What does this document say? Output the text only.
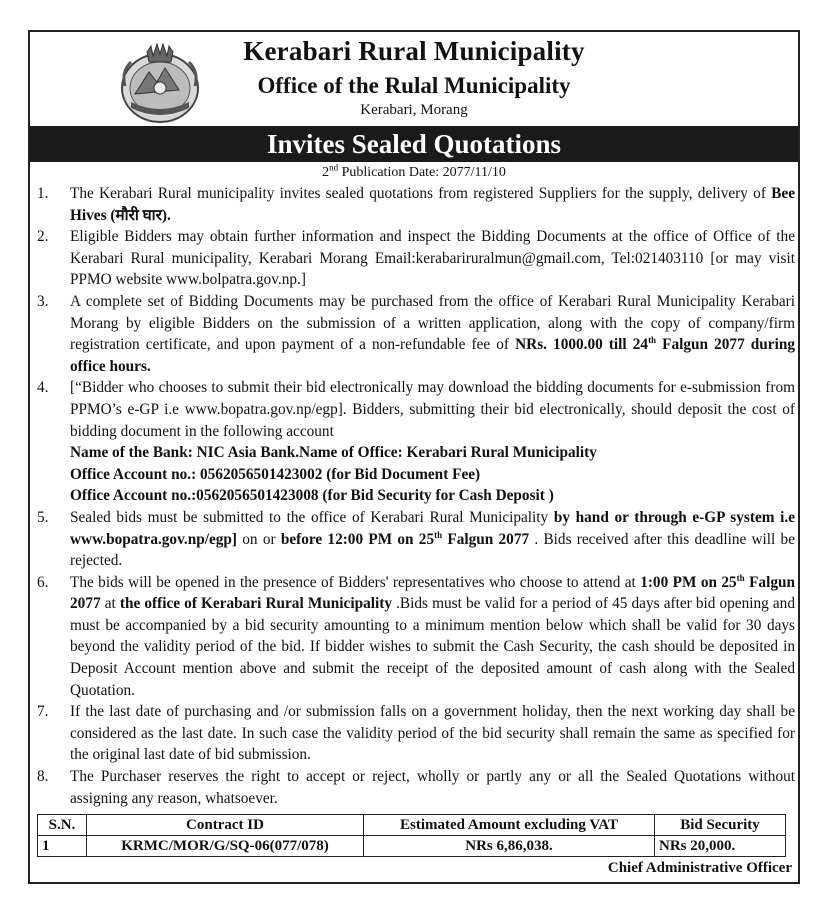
Kerabari Rural Municipality
Office of the Rulal Municipality
Kerabari, Morang
Invites Sealed Quotations
2nd Publication Date: 2077/11/10
1. The Kerabari Rural municipality invites sealed quotations from registered Suppliers for the supply, delivery of Bee Hives (मौरी घार).
2. Eligible Bidders may obtain further information and inspect the Bidding Documents at the office of Office of the Kerabari Rural municipality, Kerabari Morang Email:kerabariruralmun@gmail.com, Tel:021403110 [or may visit PPMO website www.bolpatra.gov.np.]
3. A complete set of Bidding Documents may be purchased from the office of Kerabari Rural Municipality Kerabari Morang by eligible Bidders on the submission of a written application, along with the copy of company/firm registration certificate, and upon payment of a non-refundable fee of NRs. 1000.00 till 24th Falgun 2077 during office hours.
4. [“Bidder who chooses to submit their bid electronically may download the bidding documents for e-submission from PPMO’s e-GP i.e www.bopatra.gov.np/egp]. Bidders, submitting their bid electronically, should deposit the cost of bidding document in the following account
Name of the Bank: NIC Asia Bank.Name of Office: Kerabari Rural Municipality
Office Account no.: 0562056501423002 (for Bid Document Fee)
Office Account no.:0562056501423008 (for Bid Security for Cash Deposit )
5. Sealed bids must be submitted to the office of Kerabari Rural Municipality by hand or through e-GP system i.e www.bopatra.gov.np/egp] on or before 12:00 PM on 25th Falgun 2077 . Bids received after this deadline will be rejected.
6. The bids will be opened in the presence of Bidders' representatives who choose to attend at 1:00 PM on 25th Falgun 2077 at the office of Kerabari Rural Municipality .Bids must be valid for a period of 45 days after bid opening and must be accompanied by a bid security amounting to a minimum mention below which shall be valid for 30 days beyond the validity period of the bid. If bidder wishes to submit the Cash Security, the cash should be deposited in Deposit Account mention above and submit the receipt of the deposited amount of cash along with the Sealed Quotation.
7. If the last date of purchasing and /or submission falls on a government holiday, then the next working day shall be considered as the last date. In such case the validity period of the bid security shall remain the same as specified for the original last date of bid submission.
8. The Purchaser reserves the right to accept or reject, wholly or partly any or all the Sealed Quotations without assigning any reason, whatsoever.
S.N.	Contract ID	Estimated Amount excluding VAT	Bid Security
1	KRMC/MOR/G/SQ-06(077/078)	NRs 6,86,038.	NRs 20,000.
Chief Administrative Officer
